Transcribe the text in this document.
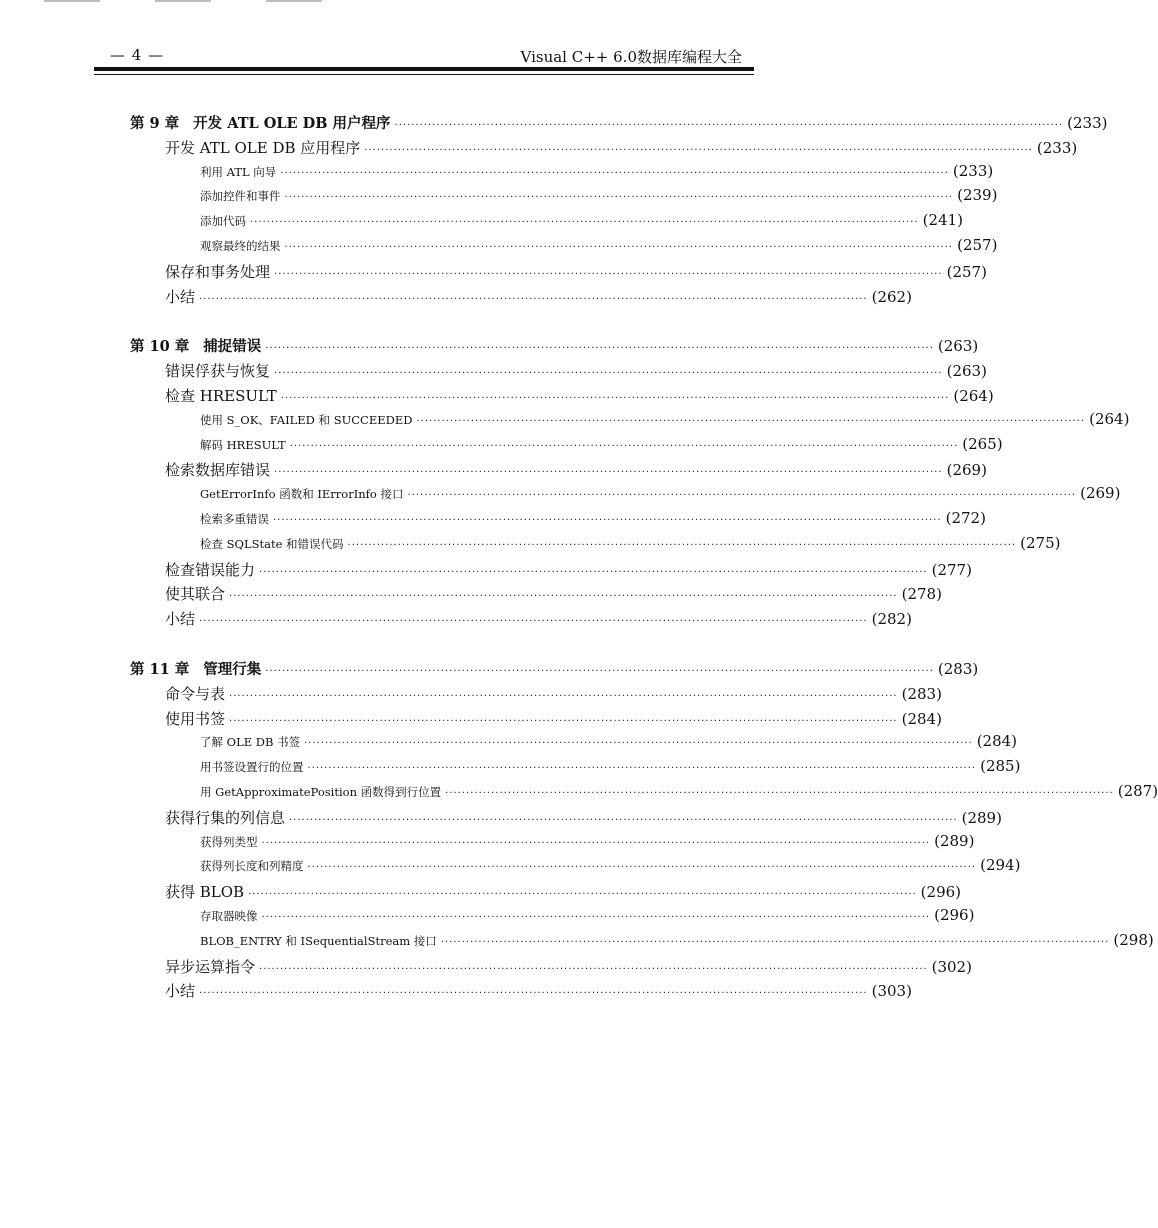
— 4 —	Visual C++ 6.0数据库编程大全
第 9 章 开发 ATL OLE DB 用户程序 ································································································································································ (233)
开发 ATL OLE DB 应用程序 ································································································································································ (233)
利用 ATL 向导 ································································································································································ (233)
添加控件和事件 ································································································································································ (239)
添加代码 ································································································································································ (241)
观察最终的结果 ································································································································································ (257)
保存和事务处理 ································································································································································ (257)
小结 ································································································································································ (262)
第 10 章 捕捉错误 ································································································································································ (263)
错误俘获与恢复 ································································································································································ (263)
检查 HRESULT ································································································································································ (264)
使用 S_OK、FAILED 和 SUCCEEDED ································································································································································ (264)
解码 HRESULT ································································································································································ (265)
检索数据库错误 ································································································································································ (269)
GetErrorInfo 函数和 IErrorInfo 接口 ································································································································································ (269)
检索多重错误 ································································································································································ (272)
检查 SQLState 和错误代码 ································································································································································ (275)
检查错误能力 ································································································································································ (277)
使其联合 ································································································································································ (278)
小结 ································································································································································ (282)
第 11 章 管理行集 ································································································································································ (283)
命令与表 ································································································································································ (283)
使用书签 ································································································································································ (284)
了解 OLE DB 书签 ································································································································································ (284)
用书签设置行的位置 ································································································································································ (285)
用 GetApproximatePosition 函数得到行位置 ································································································································································ (287)
获得行集的列信息 ································································································································································ (289)
获得列类型 ································································································································································ (289)
获得列长度和列精度 ································································································································································ (294)
获得 BLOB ································································································································································ (296)
存取器映像 ································································································································································ (296)
BLOB_ENTRY 和 ISequentialStream 接口 ································································································································································ (298)
异步运算指令 ································································································································································ (302)
小结 ································································································································································ (303)
